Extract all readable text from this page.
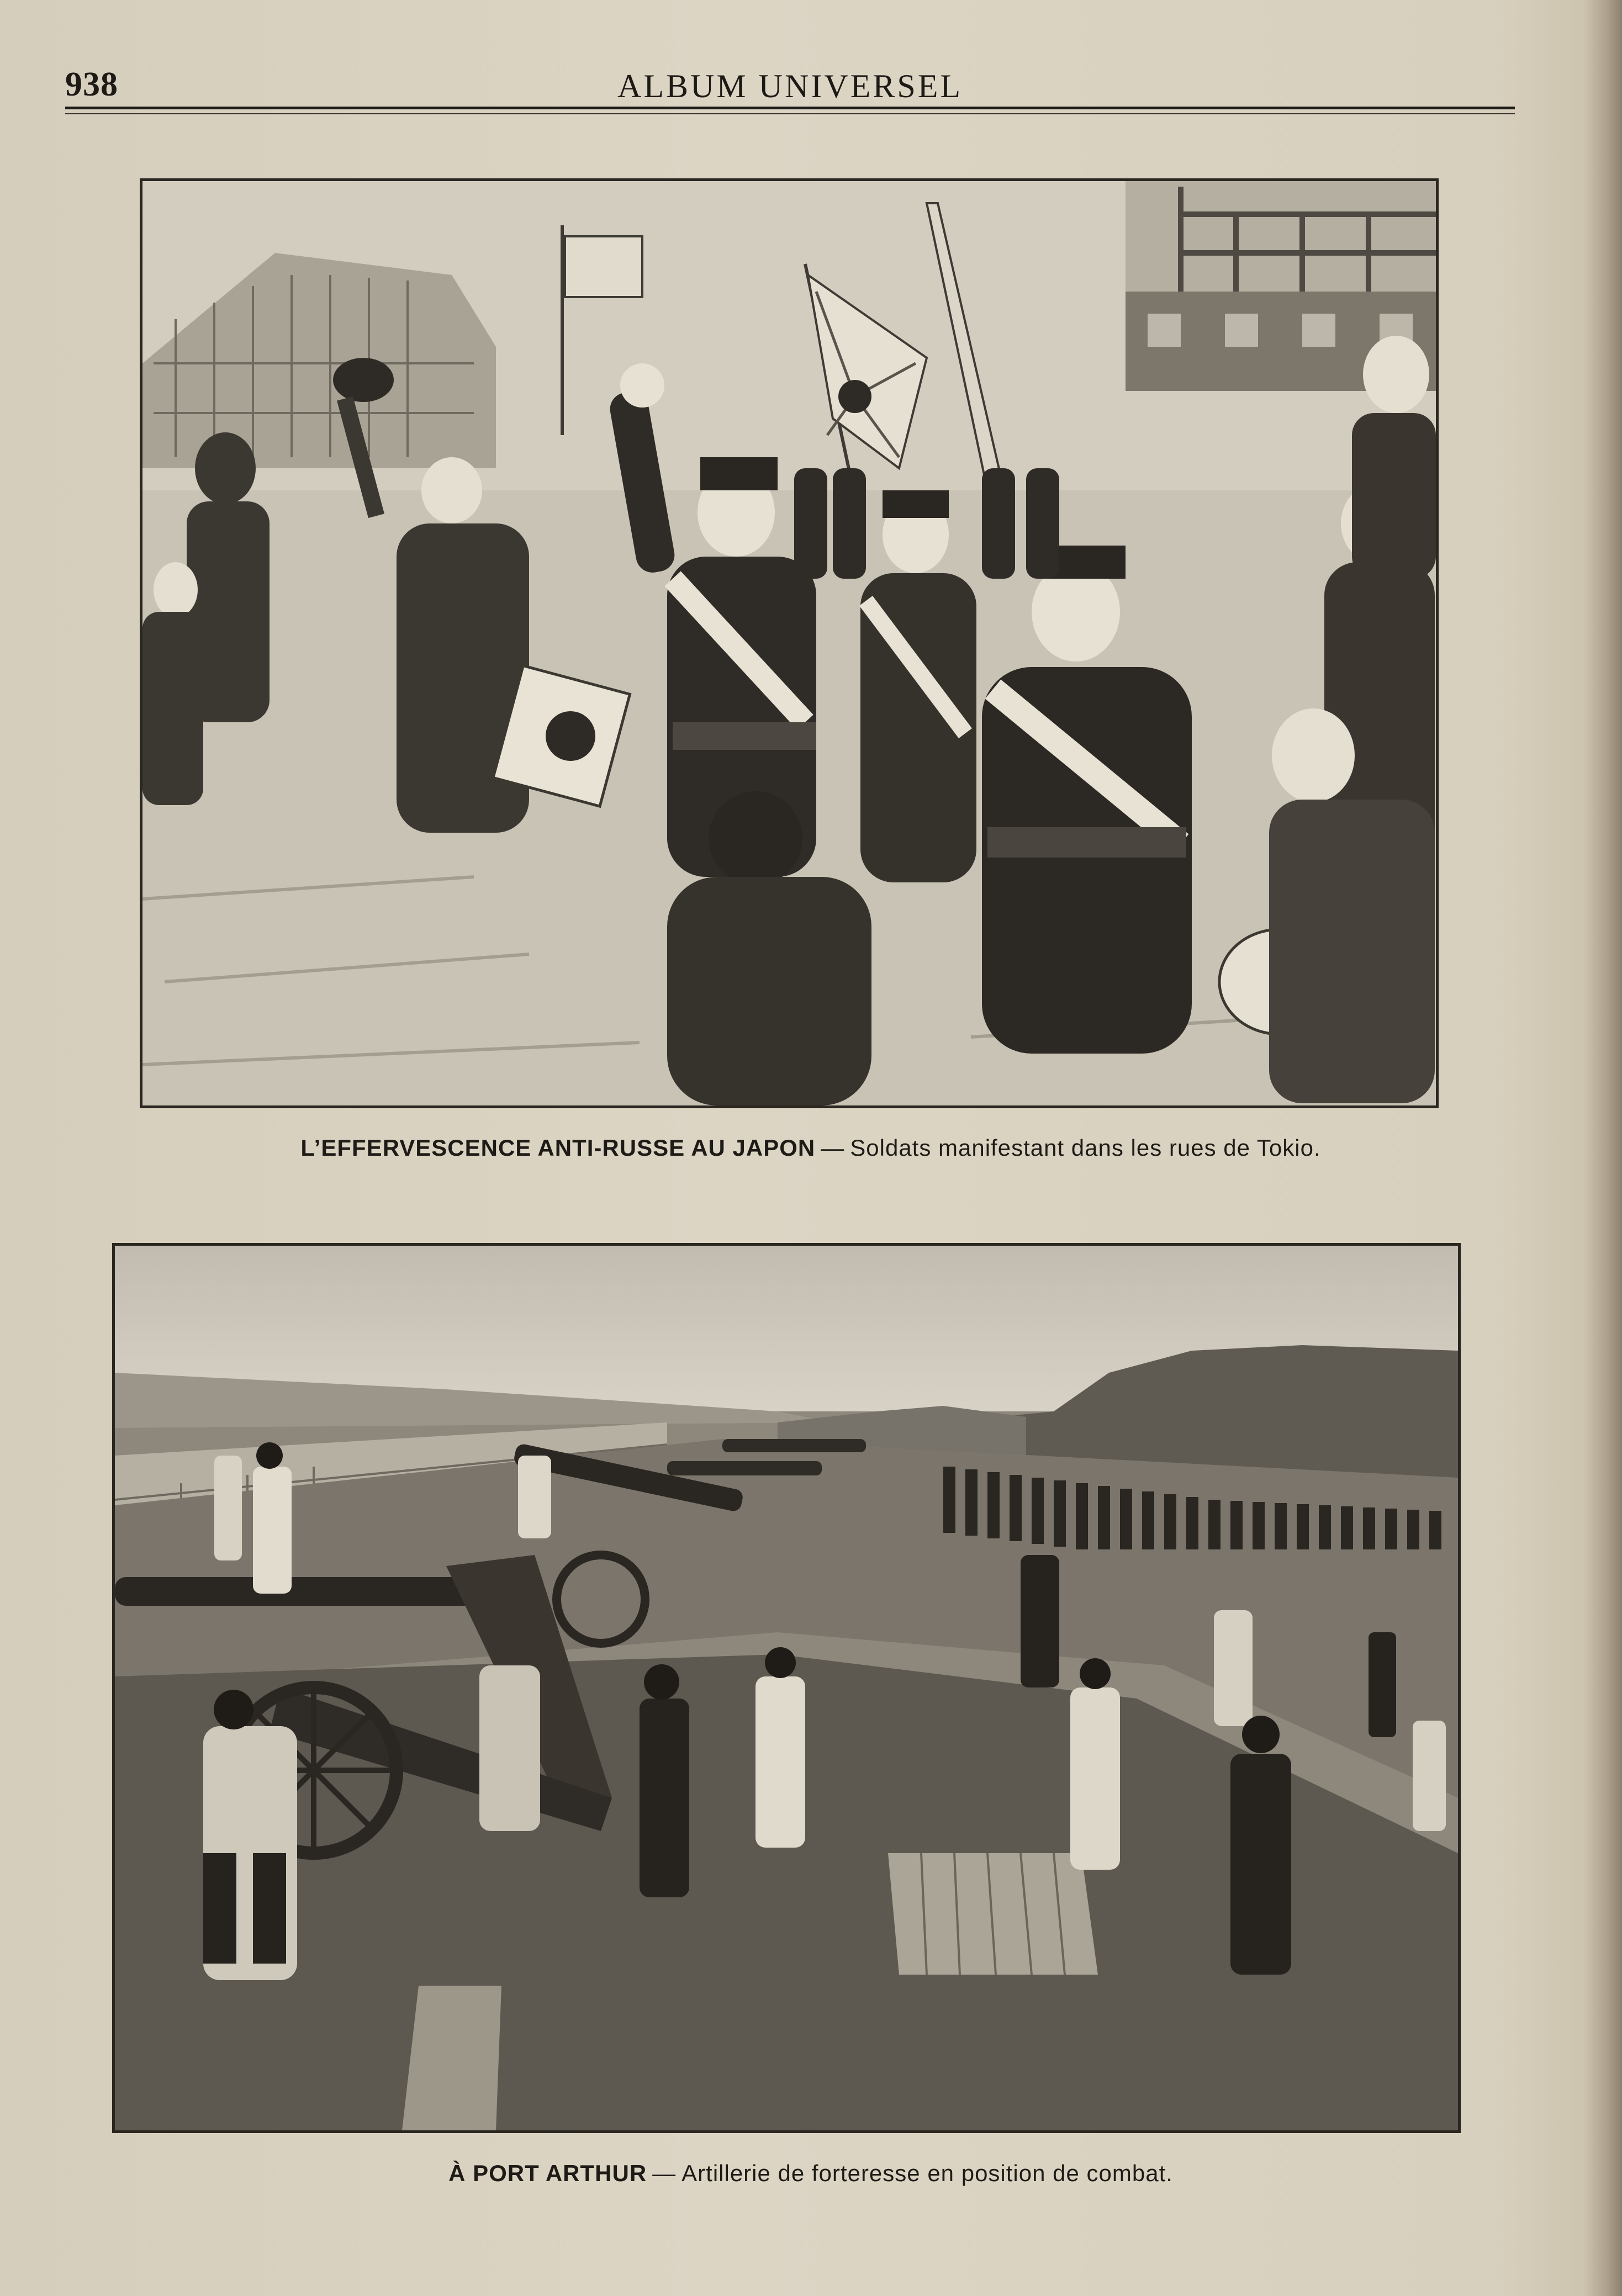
938	ALBUM UNIVERSEL
L’EFFERVESCENCE ANTI-RUSSE AU JAPON — Soldats manifestant dans les rues de Tokio.
À PORT ARTHUR — Artillerie de forteresse en position de combat.
